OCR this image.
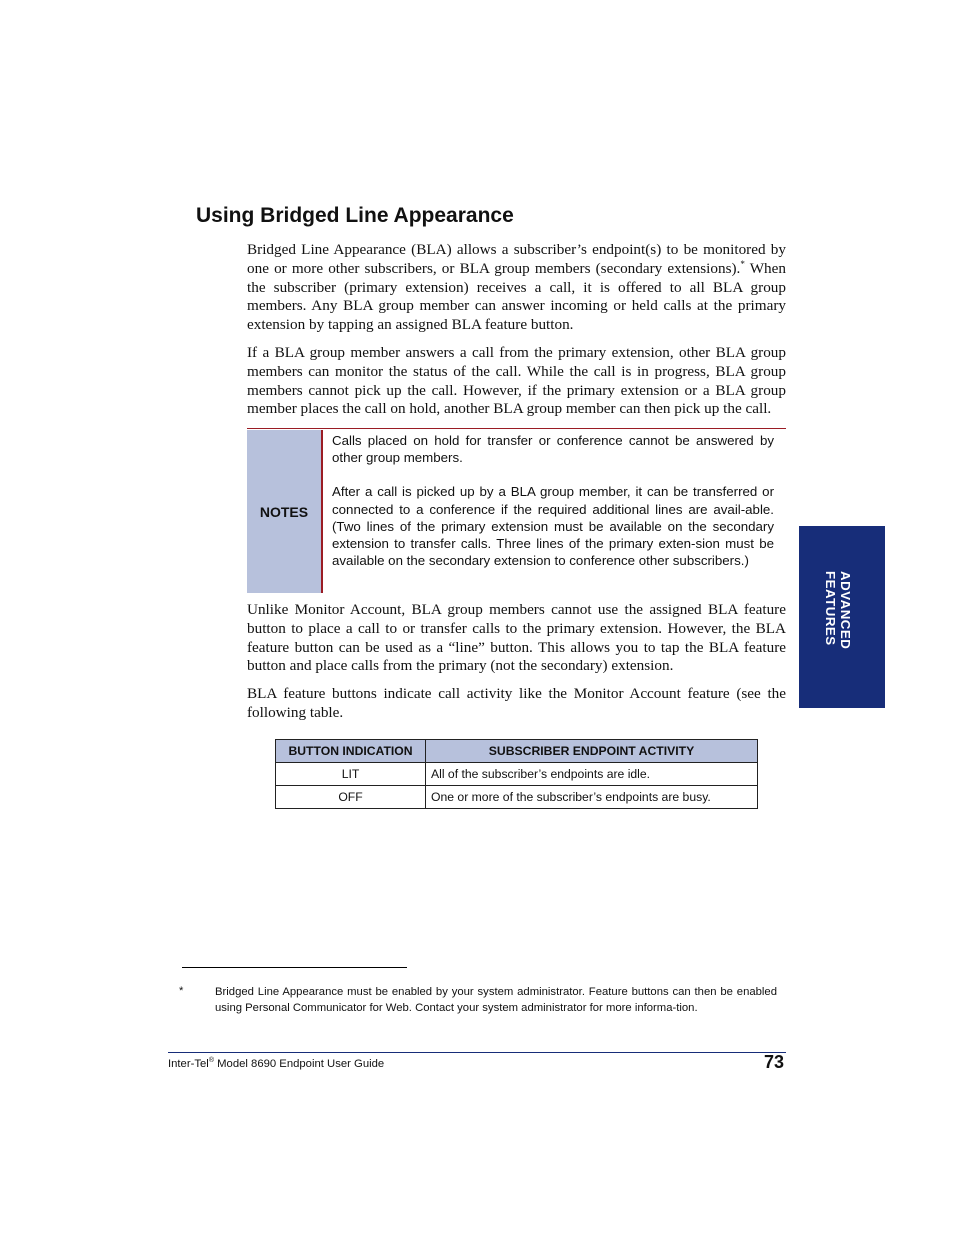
Using Bridged Line Appearance
Bridged Line Appearance (BLA) allows a subscriber’s endpoint(s) to be monitored by one or more other subscribers, or BLA group members (secondary extensions).* When the subscriber (primary extension) receives a call, it is offered to all BLA group members. Any BLA group member can answer incoming or held calls at the primary extension by tapping an assigned BLA feature button.
If a BLA group member answers a call from the primary extension, other BLA group members can monitor the status of the call. While the call is in progress, BLA group members cannot pick up the call. However, if the primary extension or a BLA group member places the call on hold, another BLA group member can then pick up the call.
NOTES

Calls placed on hold for transfer or conference cannot be answered by other group members.

After a call is picked up by a BLA group member, it can be transferred or connected to a conference if the required additional lines are avail-able. (Two lines of the primary extension must be available on the secondary extension to transfer calls. Three lines of the primary exten-sion must be available on the secondary extension to conference other subscribers.)

Unlike Monitor Account, BLA group members cannot use the assigned BLA feature button to place a call to or transfer calls to the primary extension. However, the BLA feature button can be used as a “line” button. This allows you to tap the BLA feature button and place calls from the primary (not the secondary) extension.
BLA feature buttons indicate call activity like the Monitor Account feature (see the following table.
ADVANCED
FEATURES
BUTTON INDICATION	SUBSCRIBER ENDPOINT ACTIVITY
LIT	All of the subscriber’s endpoints are idle.
OFF	One or more of the subscriber’s endpoints are busy.
*	Bridged Line Appearance must be enabled by your system administrator. Feature buttons can then be enabled using Personal Communicator for Web. Contact your system administrator for more informa-tion.
Inter-Tel® Model 8690 Endpoint User Guide	73
